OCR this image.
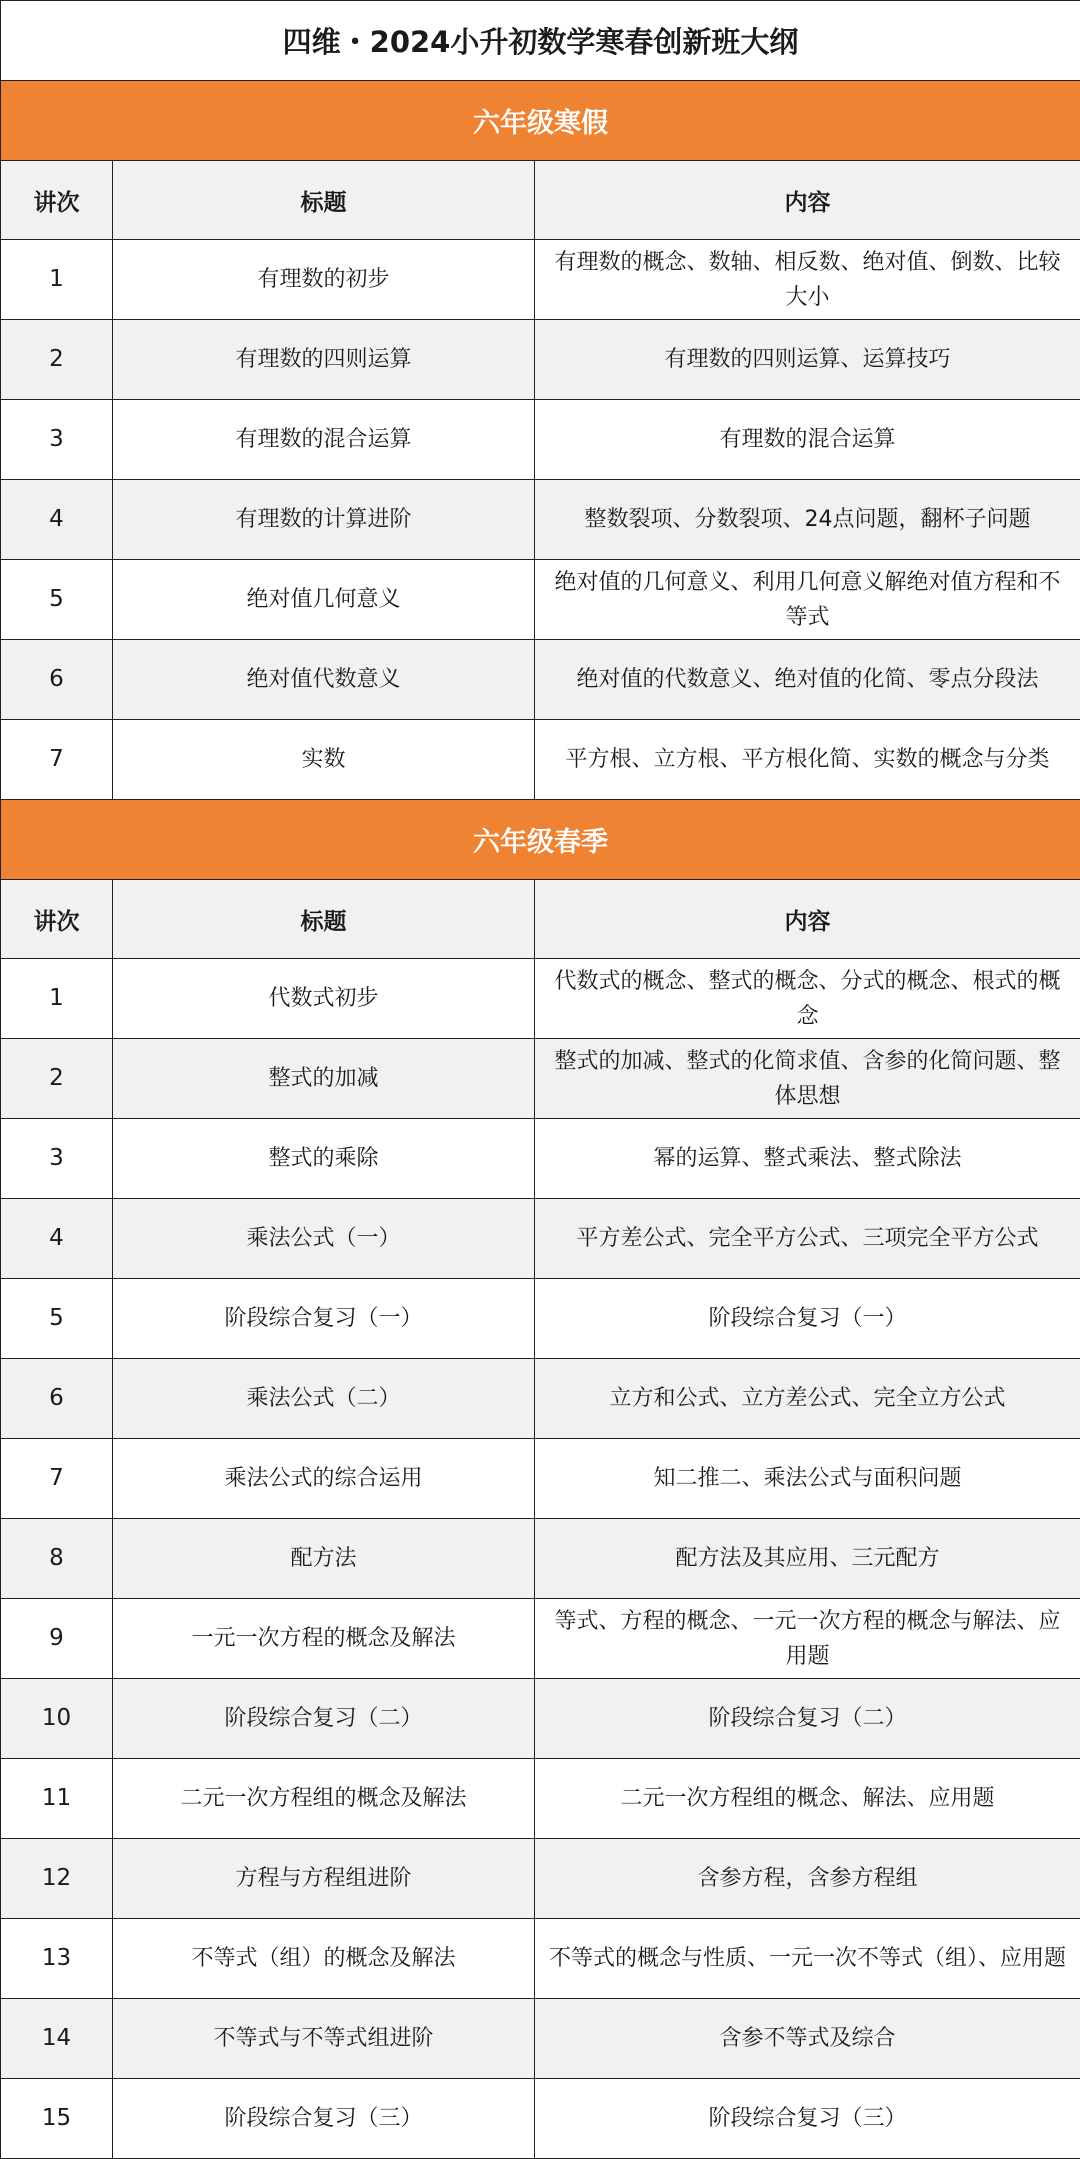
四维・2024小升初数学寒春创新班大纲		
六年级寒假		
讲次	标题	内容
1	有理数的初步	有理数的概念、数轴、相反数、绝对值、倒数、比较大小
2	有理数的四则运算	有理数的四则运算、运算技巧
3	有理数的混合运算	有理数的混合运算
4	有理数的计算进阶	整数裂项、分数裂项、24点问题，翻杯子问题
5	绝对值几何意义	绝对值的几何意义、利用几何意义解绝对值方程和不等式
6	绝对值代数意义	绝对值的代数意义、绝对值的化简、零点分段法
7	实数	平方根、立方根、平方根化简、实数的概念与分类
六年级春季		
讲次	标题	内容
1	代数式初步	代数式的概念、整式的概念、分式的概念、根式的概念
2	整式的加减	整式的加减、整式的化简求值、含参的化简问题、整体思想
3	整式的乘除	幂的运算、整式乘法、整式除法
4	乘法公式（一）	平方差公式、完全平方公式、三项完全平方公式
5	阶段综合复习（一）	阶段综合复习（一）
6	乘法公式（二）	立方和公式、立方差公式、完全立方公式
7	乘法公式的综合运用	知二推二、乘法公式与面积问题
8	配方法	配方法及其应用、三元配方
9	一元一次方程的概念及解法	等式、方程的概念、一元一次方程的概念与解法、应用题
10	阶段综合复习（二）	阶段综合复习（二）
11	二元一次方程组的概念及解法	二元一次方程组的概念、解法、应用题
12	方程与方程组进阶	含参方程，含参方程组
13	不等式（组）的概念及解法	不等式的概念与性质、一元一次不等式（组）、应用题
14	不等式与不等式组进阶	含参不等式及综合
15	阶段综合复习（三）	阶段综合复习（三）
